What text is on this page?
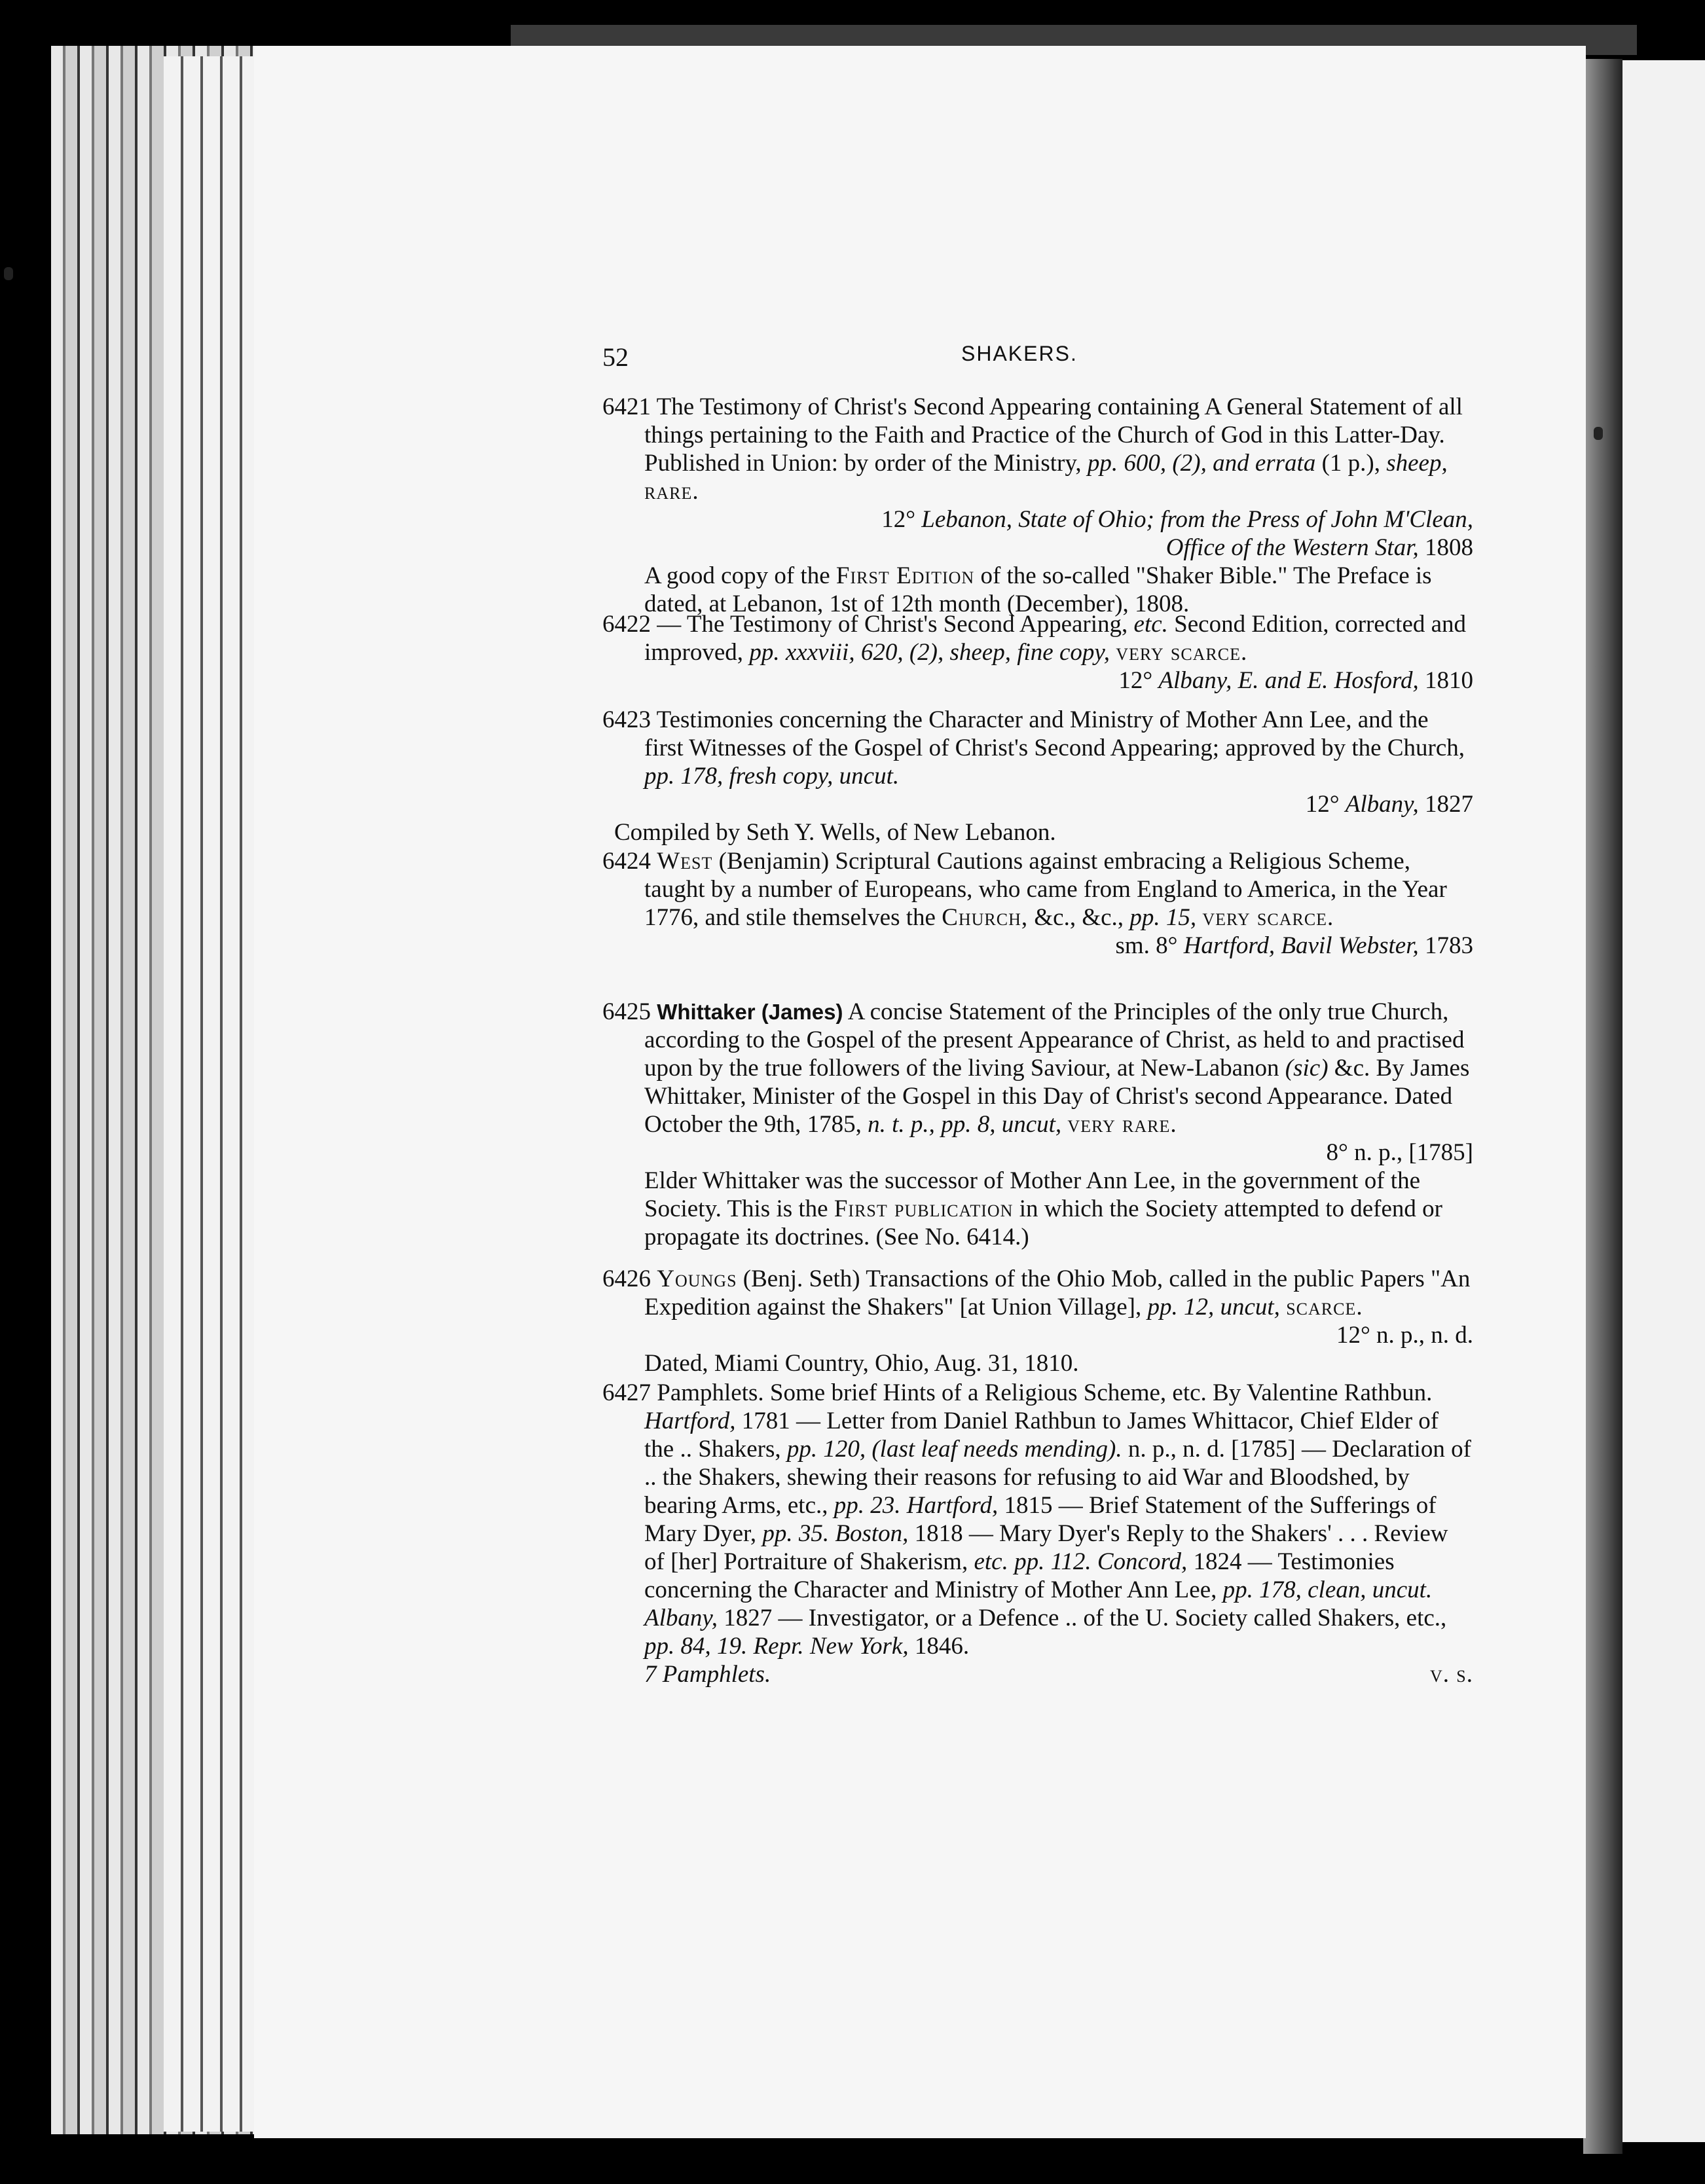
52	SHAKERS.

6421 The Testimony of Christ's Second Appearing containing A General Statement of all things pertaining to the Faith and Practice of the Church of God in this Latter-Day. Published in Union: by order of the Ministry, pp. 600, (2), and errata (1 p.), sheep, rare.

12° Lebanon, State of Ohio; from the Press of John M'Clean,

Office of the Western Star, 1808

A good copy of the First Edition of the so-called "Shaker Bible." The Preface is dated, at Lebanon, 1st of 12th month (December), 1808.

6422 — The Testimony of Christ's Second Appearing, etc. Second Edition, corrected and improved, pp. xxxviii, 620, (2), sheep, fine copy, very scarce.

12° Albany, E. and E. Hosford, 1810

6423 Testimonies concerning the Character and Ministry of Mother Ann Lee, and the first Witnesses of the Gospel of Christ's Second Appearing; approved by the Church, pp. 178, fresh copy, uncut.

12° Albany, 1827

Compiled by Seth Y. Wells, of New Lebanon.

6424 West (Benjamin) Scriptural Cautions against embracing a Religious Scheme, taught by a number of Europeans, who came from England to America, in the Year 1776, and stile themselves the Church, &c., &c., pp. 15, very scarce.

sm. 8° Hartford, Bavil Webster, 1783

6425 Whittaker (James) A concise Statement of the Principles of the only true Church, according to the Gospel of the present Appearance of Christ, as held to and practised upon by the true followers of the living Saviour, at New-Labanon (sic) &c. By James Whittaker, Minister of the Gospel in this Day of Christ's second Appearance. Dated October the 9th, 1785, n. t. p., pp. 8, uncut, very rare.

8° n. p., [1785]

Elder Whittaker was the successor of Mother Ann Lee, in the government of the Society. This is the First publication in which the Society attempted to defend or propagate its doctrines. (See No. 6414.)

6426 Youngs (Benj. Seth) Transactions of the Ohio Mob, called in the public Papers "An Expedition against the Shakers" [at Union Village], pp. 12, uncut, scarce.

12° n. p., n. d.

Dated, Miami Country, Ohio, Aug. 31, 1810.

6427 Pamphlets. Some brief Hints of a Religious Scheme, etc. By Valentine Rathbun. Hartford, 1781 — Letter from Daniel Rathbun to James Whittacor, Chief Elder of the .. Shakers, pp. 120, (last leaf needs mending). n. p., n. d. [1785] — Declaration of .. the Shakers, shewing their reasons for refusing to aid War and Bloodshed, by bearing Arms, etc., pp. 23. Hartford, 1815 — Brief Statement of the Sufferings of Mary Dyer, pp. 35. Boston, 1818 — Mary Dyer's Reply to the Shakers' . . . Review of [her] Portraiture of Shakerism, etc. pp. 112. Concord, 1824 — Testimonies concerning the Character and Ministry of Mother Ann Lee, pp. 178, clean, uncut. Albany, 1827 — Investigator, or a Defence .. of the U. Society called Shakers, etc., pp. 84, 19. Repr. New York, 1846.

7 Pamphlets.	v. s.
